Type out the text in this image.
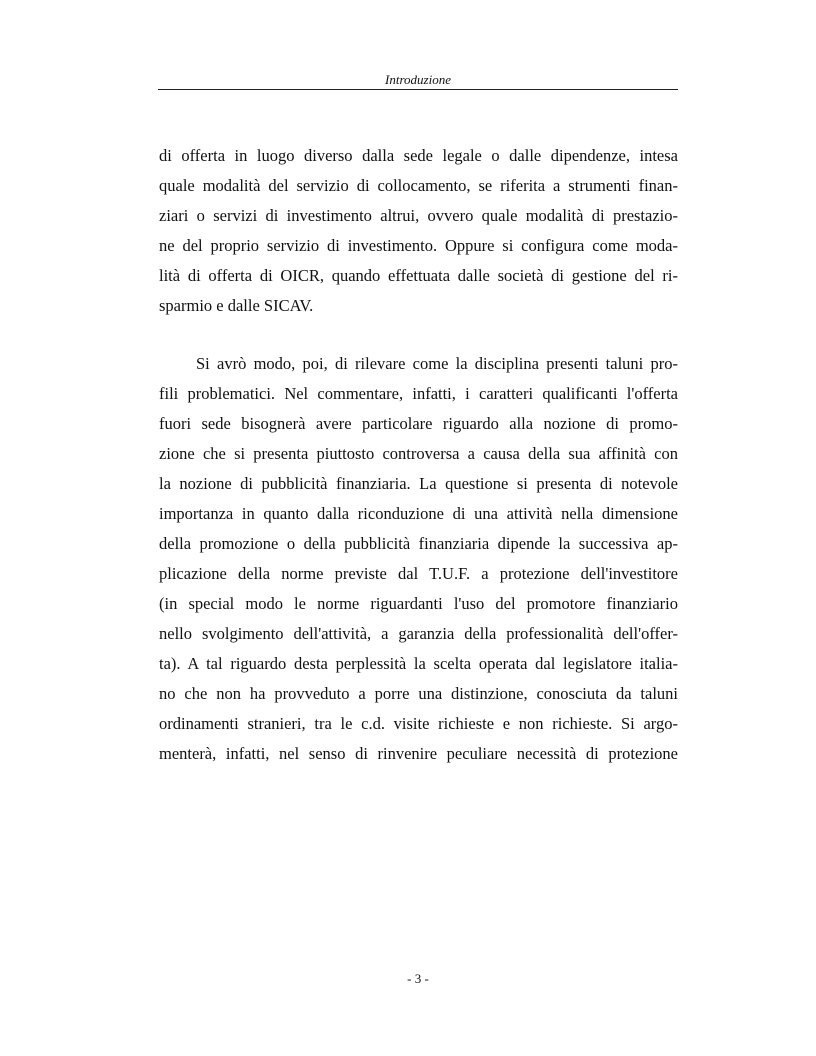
Introduzione
di offerta in luogo diverso dalla sede legale o dalle dipendenze, intesa
quale modalità del servizio di collocamento, se riferita a strumenti finan-
ziari o servizi di investimento altrui, ovvero quale modalità di prestazio-
ne del proprio servizio di investimento. Oppure si configura come moda-
lità di offerta di OICR, quando effettuata dalle società di gestione del ri-
sparmio e dalle SICAV.
Si avrò modo, poi, di rilevare come la disciplina presenti taluni pro-
fili problematici. Nel commentare, infatti, i caratteri qualificanti l'offerta
fuori sede bisognerà avere particolare riguardo alla nozione di promo-
zione che si presenta piuttosto controversa a causa della sua affinità con
la nozione di pubblicità finanziaria. La questione si presenta di notevole
importanza in quanto dalla riconduzione di una attività nella dimensione
della promozione o della pubblicità finanziaria dipende la successiva ap-
plicazione della norme previste dal T.U.F. a protezione dell'investitore
(in special modo le norme riguardanti l'uso del promotore finanziario
nello svolgimento dell'attività, a garanzia della professionalità dell'offer-
ta). A tal riguardo desta perplessità la scelta operata dal legislatore italia-
no che non ha provveduto a porre una distinzione, conosciuta da taluni
ordinamenti stranieri, tra le c.d. visite richieste e non richieste. Si argo-
menterà, infatti, nel senso di rinvenire peculiare necessità di protezione
- 3 -
